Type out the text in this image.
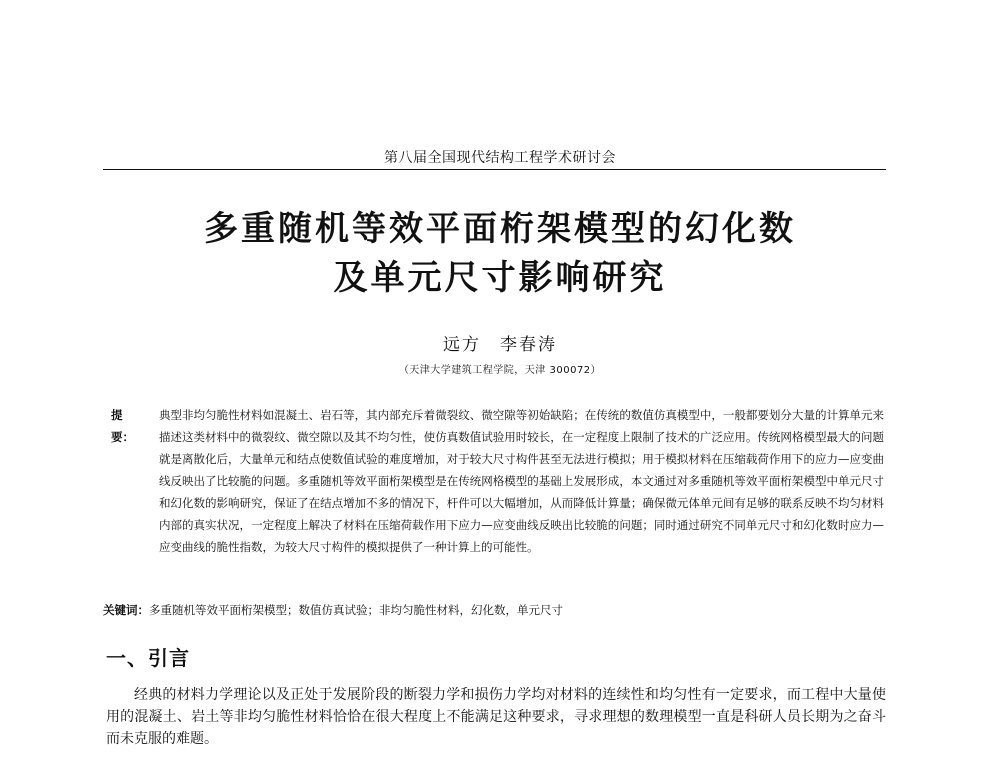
第八届全国现代结构工程学术研讨会
多重随机等效平面桁架模型的幻化数
及单元尺寸影响研究
远方　李春涛
（天津大学建筑工程学院，天津 300072）
提　要：
典型非均匀脆性材料如混凝土、岩石等，其内部充斥着微裂纹、微空隙等初始缺陷；在传统的数值仿真模型中，一般都要划分大量的计算单元来描述这类材料中的微裂纹、微空隙以及其不均匀性，使仿真数值试验用时较长，在一定程度上限制了技术的广泛应用。传统网格模型最大的问题就是离散化后，大量单元和结点使数值试验的难度增加，对于较大尺寸构件甚至无法进行模拟；用于模拟材料在压缩载荷作用下的应力—应变曲线反映出了比较脆的问题。多重随机等效平面桁架模型是在传统网格模型的基础上发展形成，本文通过对多重随机等效平面桁架模型中单元尺寸和幻化数的影响研究，保证了在结点增加不多的情况下，杆件可以大幅增加，从而降低计算量；确保微元体单元间有足够的联系反映不均匀材料内部的真实状况，一定程度上解决了材料在压缩荷载作用下应力—应变曲线反映出比较脆的问题；同时通过研究不同单元尺寸和幻化数时应力—应变曲线的脆性指数，为较大尺寸构件的模拟提供了一种计算上的可能性。
关键词：多重随机等效平面桁架模型；数值仿真试验；非均匀脆性材料，幻化数，单元尺寸
一、引言
经典的材料力学理论以及正处于发展阶段的断裂力学和损伤力学均对材料的连续性和均匀性有一定要求，而工程中大量使用的混凝土、岩土等非均匀脆性材料恰恰在很大程度上不能满足这种要求，寻求理想的数理模型一直是科研人员长期为之奋斗而未克服的难题。
